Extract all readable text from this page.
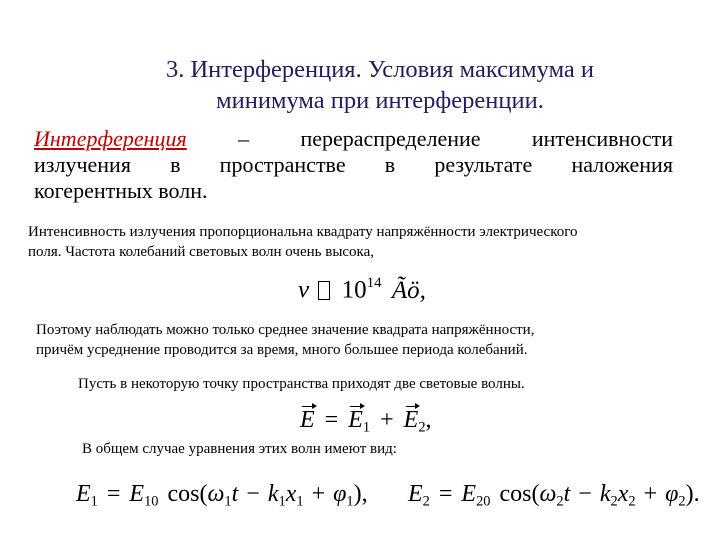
3. Интерференция. Условия максимума и
минимума при интерференции.
Интерференция – перераспределение интенсивности
излучения в пространстве в результате наложения
когерентных волн.
Интенсивность излучения пропорциональна квадрату напряжённости электрического
поля. Частота колебаний световых волн очень высока,
ν $10^{14}$ Ãö,
Поэтому наблюдать можно только среднее значение квадрата напряжённости,
причём усреднение проводится за время, много большее периода колебаний.
Пусть в некоторую точку пространства приходят две световые волны.
$E = E_1 + E_2$,
В общем случае уравнения этих волн имеют вид:
$E_1 = E_{10}$ $\cos(\omega_1t - k_1x_1 + \varphi_1)$, $E_2 = E_{20}$ $\cos(\omega_2t - k_2x_2 + \varphi_2)$.
